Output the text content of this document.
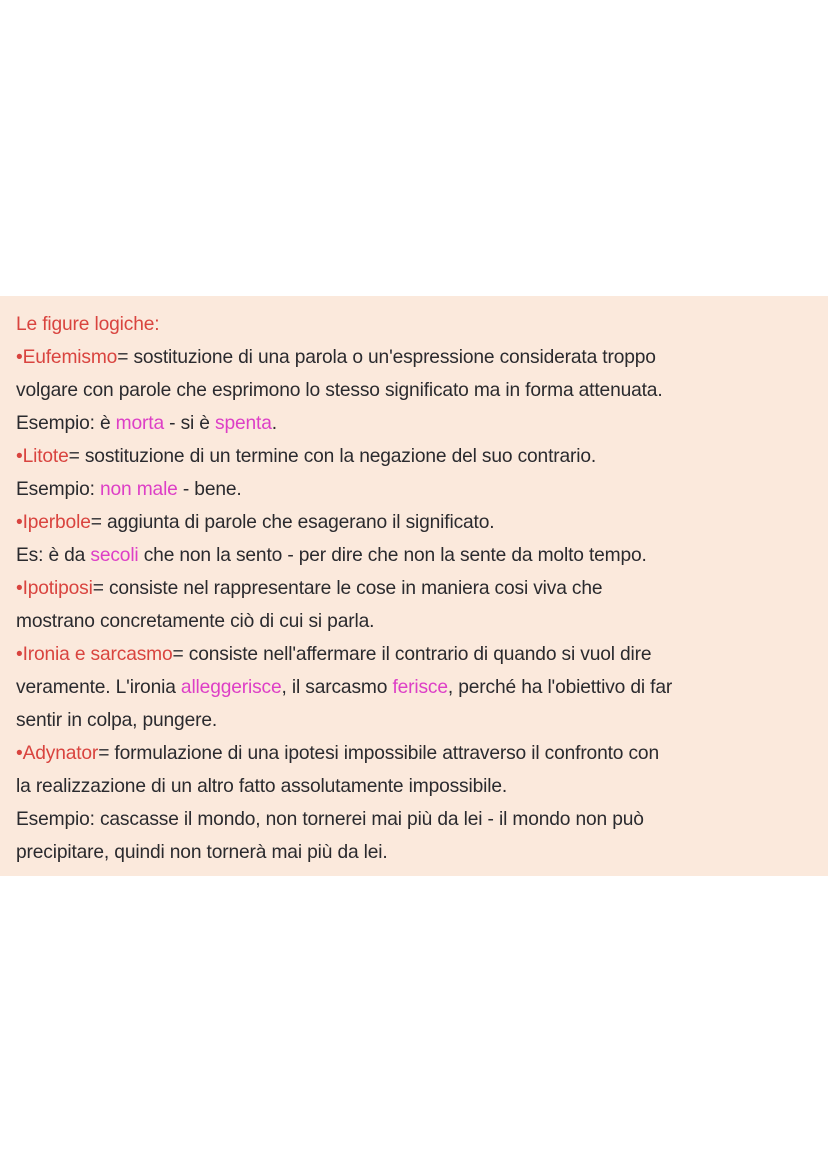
Le figure logiche:
•Eufemismo= sostituzione di una parola o un'espressione considerata troppo
volgare con parole che esprimono lo stesso significato ma in forma attenuata.
Esempio: è morta - si è spenta.
•Litote= sostituzione di un termine con la negazione del suo contrario.
Esempio: non male - bene.
•Iperbole= aggiunta di parole che esagerano il significato.
Es: è da secoli che non la sento - per dire che non la sente da molto tempo.
•Ipotiposi= consiste nel rappresentare le cose in maniera cosi viva che
mostrano concretamente ciò di cui si parla.
•Ironia e sarcasmo= consiste nell'affermare il contrario di quando si vuol dire
veramente. L'ironia alleggerisce, il sarcasmo ferisce, perché ha l'obiettivo di far
sentir in colpa, pungere.
•Adynator= formulazione di una ipotesi impossibile attraverso il confronto con
la realizzazione di un altro fatto assolutamente impossibile.
Esempio: cascasse il mondo, non tornerei mai più da lei - il mondo non può
precipitare, quindi non tornerà mai più da lei.
